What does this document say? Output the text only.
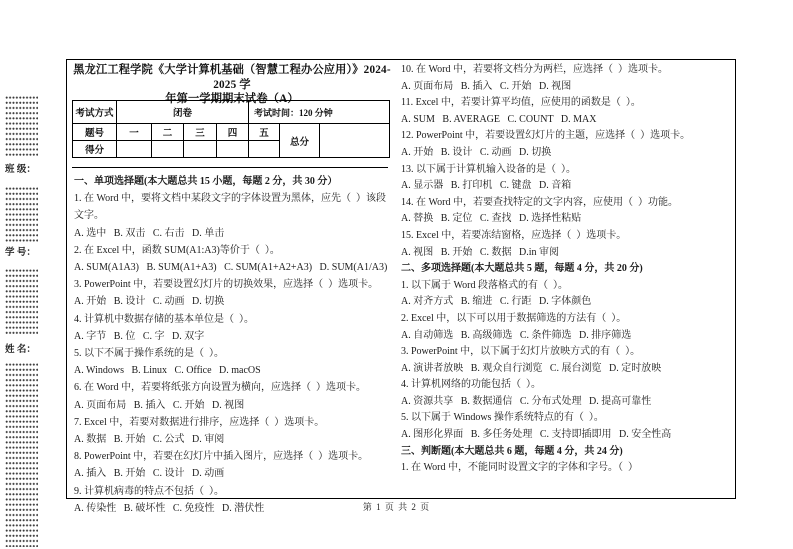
班 级：
学 号：
姓 名：
黑龙江工程学院《大学计算机基础（智慧工程办公应用）》2024-2025 学
年第一学期期末试卷（A）
考试方式	闭卷				考试时间：120 分钟		
题号	一	二	三	四	五	总分	
得分							
一、单项选择题(本大题总共 15 小题，每题 2 分，共 30 分）
1. 在 Word 中，要将文档中某段文字的字体设置为黑体，应先（  ）该段文字。
A. 选中   B. 双击   C. 右击   D. 单击
2. 在 Excel 中，函数 SUM(A1:A3)等价于（  ）。
A. SUM(A1A3)   B. SUM(A1+A3)   C. SUM(A1+A2+A3)   D. SUM(A1/A3)
3. PowerPoint 中，若要设置幻灯片的切换效果，应选择（  ）选项卡。
A. 开始   B. 设计   C. 动画   D. 切换
4. 计算机中数据存储的基本单位是（  ）。
A. 字节   B. 位   C. 字   D. 双字
5. 以下不属于操作系统的是（  ）。
A. Windows   B. Linux   C. Office   D. macOS
6. 在 Word 中，若要将纸张方向设置为横向，应选择（  ）选项卡。
A. 页面布局   B. 插入   C. 开始   D. 视图
7. Excel 中，若要对数据进行排序，应选择（  ）选项卡。
A. 数据   B. 开始   C. 公式   D. 审阅
8. PowerPoint 中，若要在幻灯片中插入图片，应选择（  ）选项卡。
A. 插入   B. 开始   C. 设计   D. 动画
9. 计算机病毒的特点不包括（  ）。
A. 传染性   B. 破坏性   C. 免疫性   D. 潜伏性
10. 在 Word 中，若要将文档分为两栏，应选择（  ）选项卡。
A. 页面布局   B. 插入   C. 开始   D. 视图
11. Excel 中，若要计算平均值，应使用的函数是（  ）。
A. SUM   B. AVERAGE   C. COUNT   D. MAX
12. PowerPoint 中，若要设置幻灯片的主题，应选择（  ）选项卡。
A. 开始   B. 设计   C. 动画   D. 切换
13. 以下属于计算机输入设备的是（  ）。
A. 显示器   B. 打印机   C. 键盘   D. 音箱
14. 在 Word 中，若要查找特定的文字内容，应使用（  ）功能。
A. 替换   B. 定位   C. 查找   D. 选择性粘贴
15. Excel 中，若要冻结窗格，应选择（  ）选项卡。
A. 视图   B. 开始   C. 数据   D.in 审阅
二、多项选择题(本大题总共 5 题，每题 4 分，共 20 分)
1. 以下属于 Word 段落格式的有（  ）。
A. 对齐方式   B. 缩进   C. 行距   D. 字体颜色
2. Excel 中，以下可以用于数据筛选的方法有（  ）。
A. 自动筛选   B. 高级筛选   C. 条件筛选   D. 排序筛选
3. PowerPoint 中，以下属于幻灯片放映方式的有（  ）。
A. 演讲者放映   B. 观众自行浏览   C. 展台浏览   D. 定时放映
4. 计算机网络的功能包括（  ）。
A. 资源共享   B. 数据通信   C. 分布式处理   D. 提高可靠性
5. 以下属于 Windows 操作系统特点的有（  ）。
A. 图形化界面   B. 多任务处理   C. 支持即插即用   D. 安全性高
三、判断题(本大题总共 6 题，每题 4 分，共 24 分)
1. 在 Word 中，不能同时设置文字的字体和字号。（  ）
第 1 页 共 2 页
